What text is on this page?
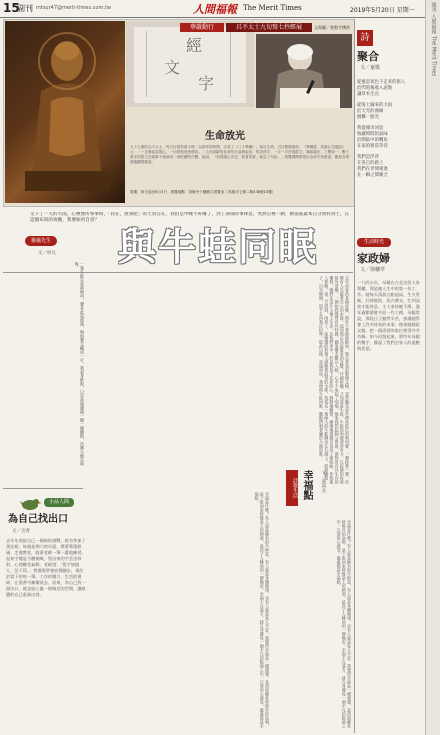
15
副刊 mtsur47@merit-times.com.tw	人間福報 The Merit Times	2019年5月20日 星期一	副刊
人間福報
The Merit Times
經
文
字
華嚴動行	呂不太士九旬寫七抄經展	文與圖／香賢寺撰供
生命放光
九十七歲的呂不太士，每日行經抄經小時，以兩年的時間，完成了《八十華嚴》，始於生命，日日勤勉寫抄。《華嚴經．初發心功德品》云：「一念發起菩提心，一切善根悉皆增長。」九旬高齡的長者每日清晨起身，焚香淨手，一字一字抄寫經文，筆跡端正、工整如一，數十萬字的經文在她筆下流淌成一部莊嚴的法寶。她說：「抄經讓心安定，寫著寫著，就忘了年紀。」展覽期間將展出全部手抄經卷，歡迎各界蒞臨觀賞隨喜。
展期：即日起至6月3日　展覽地點：香賢寺十樓藝文展覽室（高雄市七賢二路438號10樓）
詩
聚合
文／童歌
從風雲夜色下走來的旅人
於閃電後收入泥地
讓草木生長
從海上歸來的大雨
於天光的曲線
拋擲一點光
我從城市回返
收藏時間的氣味
於鬧區中的轉角
在家的窗前等待
我們是浮萍
在各自的路上
我們在世間相逢
在一瞬之間聚合
文下了一天的大雨，心裡無所事事時，「我在，放我吧」的天真自在，我怕是中晚不好睡了，到了深夜時事休息，突然心裡一動，撰張貼最本自分別料到士，在這個布同的夜晚，我要如何自省？
靈蘊先生 與牛蛙同眠
文／妙凡
一隻牛蛙在夜裡鳴叫，聲音此起彼落，與雨聲交織成一片。我起身推窗，只見池面漣漪一圈一圈擴散，彷彿大地在呼吸。
去年初春的某個夜晚，窗外下著綿綿細雨，我在書桌前整理文稿，忽然聽見屋外傳來低沉的鳴叫聲，一聲接著一聲，彷彿有人在敲著空心的木鼓。起初我以為是誰家的音響，仔細聆聽，才知道是牛蛙。牛蛙的叫聲渾厚有力，在寂靜的夜裡格外清晰，一開始我覺得有些吵雜，翻來覆去難以入眠，心中不免起了煩惱。後來我想起師父曾說，萬物皆有其生存的權利，牠們在這片土地上生活，比我們更早。於是我放下抗拒的心，靜靜地聽著，漸漸地那聲音竟成了催眠曲，伴我進入夢鄉。第二天清晨，雨停了，池塘邊的荷葉上滾動著晶瑩的水珠，我看見一隻碩大的牛蛙蹲坐在石頭上，鼓著腮幫子，目光炯炯，似乎在向我打招呼。從此以後，每逢雨夜，我便與牛蛙同眠，聽牠們唱著屬於大地的歌。
小品人間
為自己找出口
文／丟香
去年年底給自己一個新的挑戰，報名參加了書法班。每個星期六的早晨，帶著筆墨紙硯，走進教室，跟著老師一筆一畫地練習。起初手總是不聽使喚，寫出來的字歪歪斜斜，心裡難免氣餒。老師說：「寫字如做人，急不得。」我慢慢學會放慢腳步，專注於當下的每一筆。工作的壓力、生活的瑣碎，在墨香中漸漸淡去。原來，為自己找一個出口，就是給心靈一個喘息的空間，讓疲憊的自己重新出發。	幸福是什麼？有人說是擁有很多財富，有人說是身體健康，也有人說是家人平安。我覺得幸福是一種感覺，是清晨醒來時窗外的鳥鳴，是下班回家時餐桌上的熱湯，是孩子入睡前的一聲晚安。幸福不在遠方，就在身邊每一個平凡的點滴之中，只要用心感受，處處都是幸福點。	詩歌生活 幸福點	文／黃禹丞
幸福是什麼？有人說是擁有很多財富，有人說是身體健康，也有人說是家人平安。我覺得幸福是一種感覺，是清晨醒來時窗外的鳥鳴，是下班回家時餐桌上的熱湯，是孩子入睡前的一聲晚安。幸福不在遠方，就在身邊每一個平凡的點滴之中，只要用心感受，處處都是幸福點。
生活時光
家政婦
文／徐穗萃
一九四五年，母親在台北吳姓人家幫傭，那是她人生中的第一份工作。她每天清晨五點起床，生火煮飯、打掃庭院、洗衣燙衣，忙到深夜才能休息。主人家待她不薄，逢年過節總會多給一些工錢。母親常說，那段日子雖然辛苦，卻讓她學會了許多持家的本事。後來她嫁給父親，把一個清貧的家打理得井井有條。如今回想起來，那些年母親的雙手，撐起了我們全家人的溫飽與希望。
